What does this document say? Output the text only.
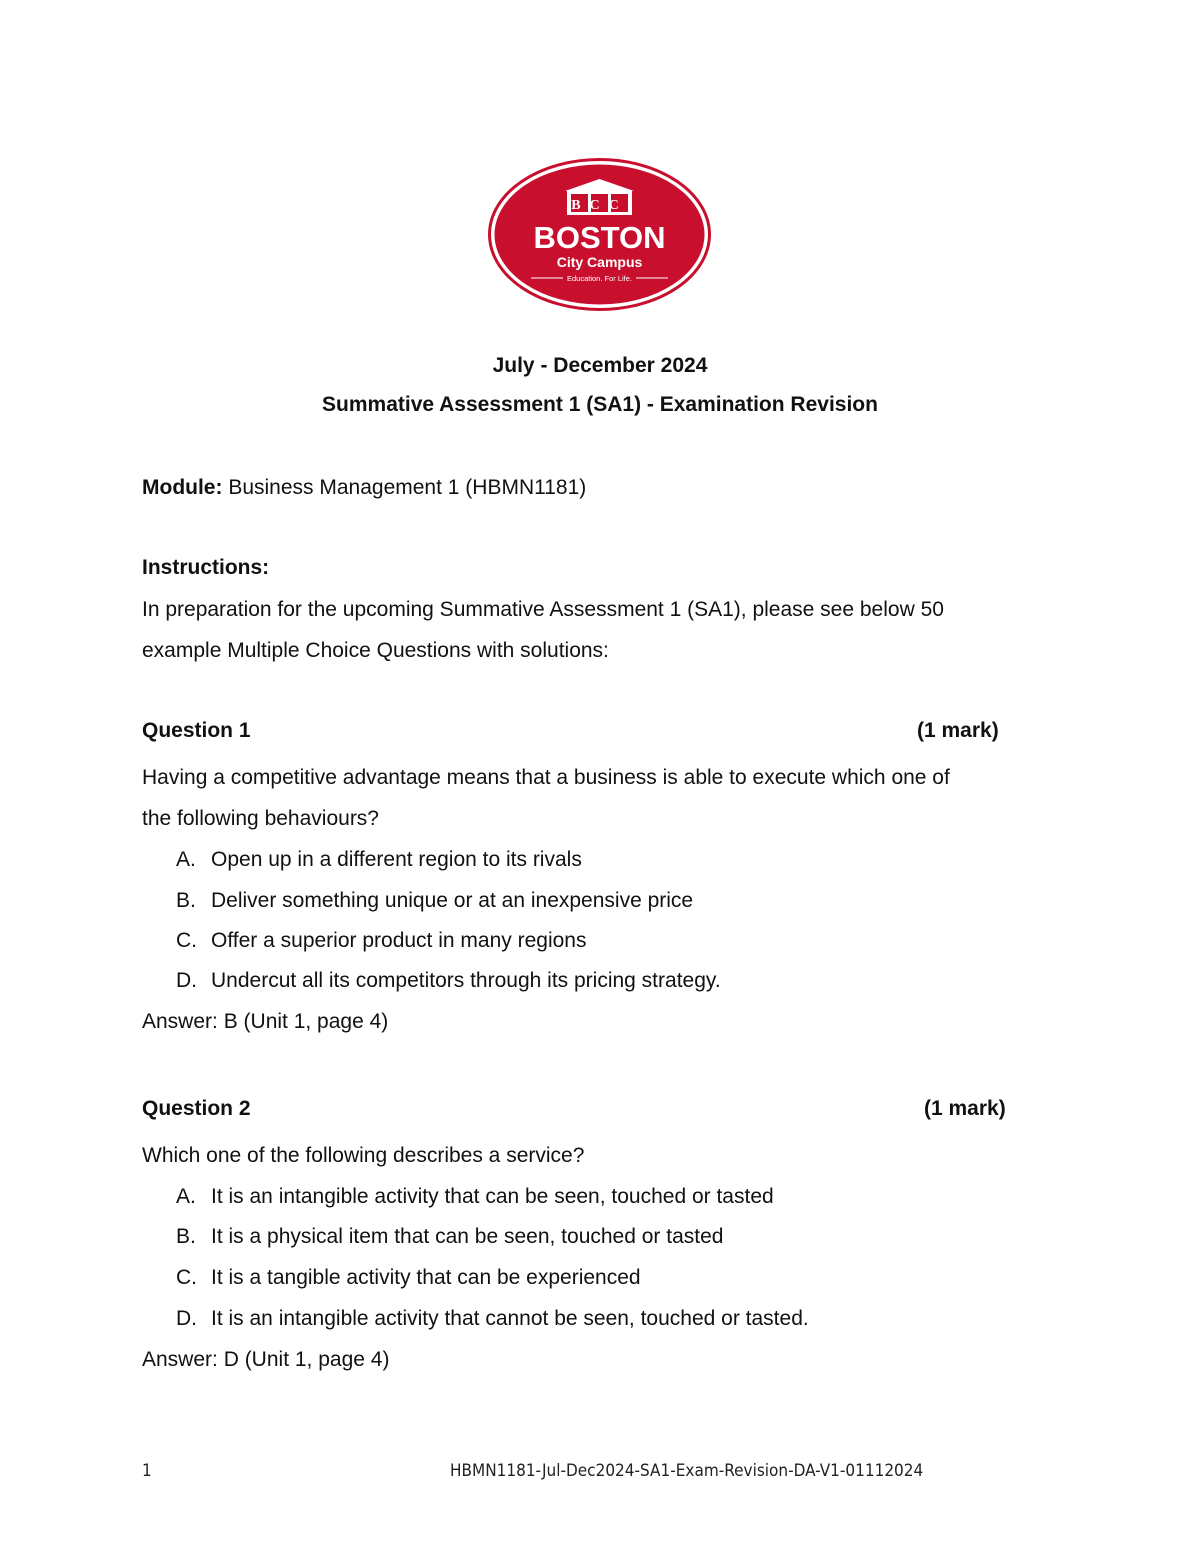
BCC
BOSTON
City Campus
Education. For Life.
July - December 2024
Summative Assessment 1 (SA1) - Examination Revision
Module: Business Management 1 (HBMN1181)
Instructions:
In preparation for the upcoming Summative Assessment 1 (SA1), please see below 50
example Multiple Choice Questions with solutions:
Question 1	(1 mark)
Having a competitive advantage means that a business is able to execute which one of
the following behaviours?
A. Open up in a different region to its rivals
B. Deliver something unique or at an inexpensive price
C. Offer a superior product in many regions
D. Undercut all its competitors through its pricing strategy.
Answer: B (Unit 1, page 4)
Question 2	(1 mark)
Which one of the following describes a service?
A. It is an intangible activity that can be seen, touched or tasted
B. It is a physical item that can be seen, touched or tasted
C. It is a tangible activity that can be experienced
D. It is an intangible activity that cannot be seen, touched or tasted.
Answer: D (Unit 1, page 4)
1	HBMN1181-Jul-Dec2024-SA1-Exam-Revision-DA-V1-01112024
